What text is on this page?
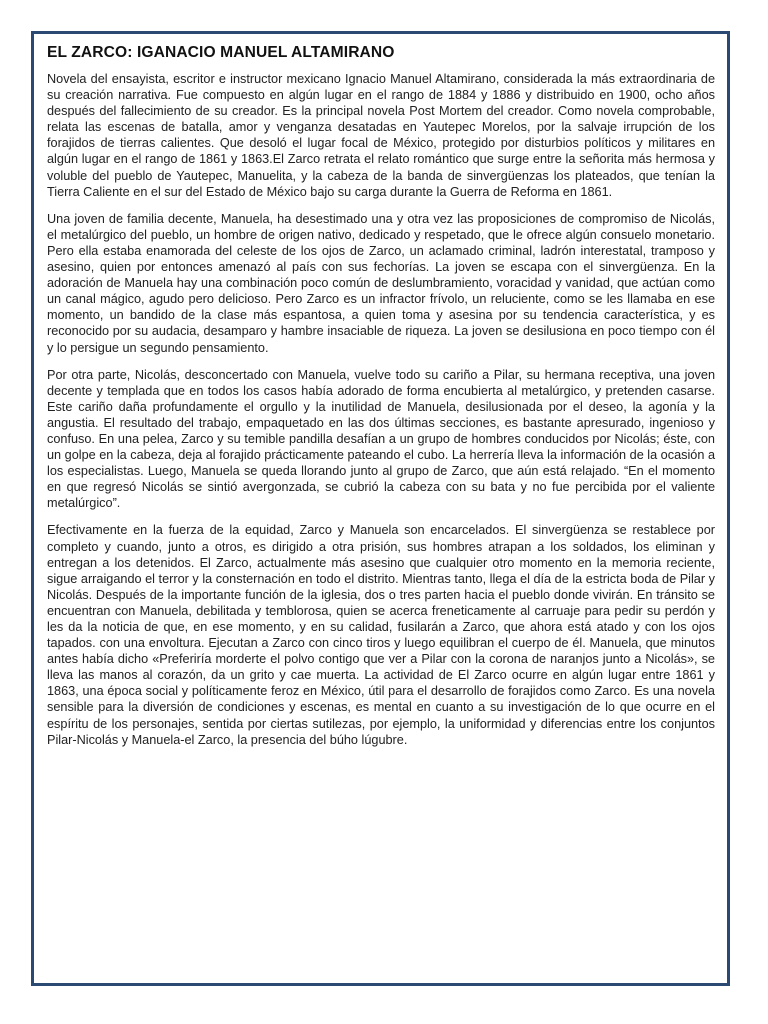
EL ZARCO: IGANACIO MANUEL ALTAMIRANO

Novela del ensayista, escritor e instructor mexicano Ignacio Manuel Altamirano, considerada la más extraordinaria de su creación narrativa. Fue compuesto en algún lugar en el rango de 1884 y 1886 y distribuido en 1900, ocho años después del fallecimiento de su creador. Es la principal novela Post Mortem del creador. Como novela comprobable, relata las escenas de batalla, amor y venganza desatadas en Yautepec Morelos, por la salvaje irrupción de los forajidos de tierras calientes. Que desoló el lugar focal de México, protegido por disturbios políticos y militares en algún lugar en el rango de 1861 y 1863.El Zarco retrata el relato romántico que surge entre la señorita más hermosa y voluble del pueblo de Yautepec, Manuelita, y la cabeza de la banda de sinvergüenzas los plateados, que tenían la Tierra Caliente en el sur del Estado de México bajo su carga durante la Guerra de Reforma en 1861.

Una joven de familia decente, Manuela, ha desestimado una y otra vez las proposiciones de compromiso de Nicolás, el metalúrgico del pueblo, un hombre de origen nativo, dedicado y respetado, que le ofrece algún consuelo monetario. Pero ella estaba enamorada del celeste de los ojos de Zarco, un aclamado criminal, ladrón interestatal, tramposo y asesino, quien por entonces amenazó al país con sus fechorías. La joven se escapa con el sinvergüenza. En la adoración de Manuela hay una combinación poco común de deslumbramiento, voracidad y vanidad, que actúan como un canal mágico, agudo pero delicioso. Pero Zarco es un infractor frívolo, un reluciente, como se les llamaba en ese momento, un bandido de la clase más espantosa, a quien toma y asesina por su tendencia característica, y es reconocido por su audacia, desamparo y hambre insaciable de riqueza. La joven se desilusiona en poco tiempo con él y lo persigue un segundo pensamiento.

Por otra parte, Nicolás, desconcertado con Manuela, vuelve todo su cariño a Pilar, su hermana receptiva, una joven decente y templada que en todos los casos había adorado de forma encubierta al metalúrgico, y pretenden casarse. Este cariño daña profundamente el orgullo y la inutilidad de Manuela, desilusionada por el deseo, la agonía y la angustia. El resultado del trabajo, empaquetado en las dos últimas secciones, es bastante apresurado, ingenioso y confuso. En una pelea, Zarco y su temible pandilla desafían a un grupo de hombres conducidos por Nicolás; éste, con un golpe en la cabeza, deja al forajido prácticamente pateando el cubo. La herrería lleva la información de la ocasión a los especialistas. Luego, Manuela se queda llorando junto al grupo de Zarco, que aún está relajado. “En el momento en que regresó Nicolás se sintió avergonzada, se cubrió la cabeza con su bata y no fue percibida por el valiente metalúrgico”.

Efectivamente en la fuerza de la equidad, Zarco y Manuela son encarcelados. El sinvergüenza se restablece por completo y cuando, junto a otros, es dirigido a otra prisión, sus hombres atrapan a los soldados, los eliminan y entregan a los detenidos. El Zarco, actualmente más asesino que cualquier otro momento en la memoria reciente, sigue arraigando el terror y la consternación en todo el distrito. Mientras tanto, llega el día de la estricta boda de Pilar y Nicolás. Después de la importante función de la iglesia, dos o tres parten hacia el pueblo donde vivirán. En tránsito se encuentran con Manuela, debilitada y temblorosa, quien se acerca freneticamente al carruaje para pedir su perdón y les da la noticia de que, en ese momento, y en su calidad, fusilarán a Zarco, que ahora está atado y con los ojos tapados. con una envoltura. Ejecutan a Zarco con cinco tiros y luego equilibran el cuerpo de él. Manuela, que minutos antes había dicho «Preferiría morderte el polvo contigo que ver a Pilar con la corona de naranjos junto a Nicolás», se lleva las manos al corazón, da un grito y cae muerta. La actividad de El Zarco ocurre en algún lugar entre 1861 y 1863, una época social y políticamente feroz en México, útil para el desarrollo de forajidos como Zarco. Es una novela sensible para la diversión de condiciones y escenas, es mental en cuanto a su investigación de lo que ocurre en el espíritu de los personajes, sentida por ciertas sutilezas, por ejemplo, la uniformidad y diferencias entre los conjuntos Pilar-Nicolás y Manuela-el Zarco, la presencia del búho lúgubre.
